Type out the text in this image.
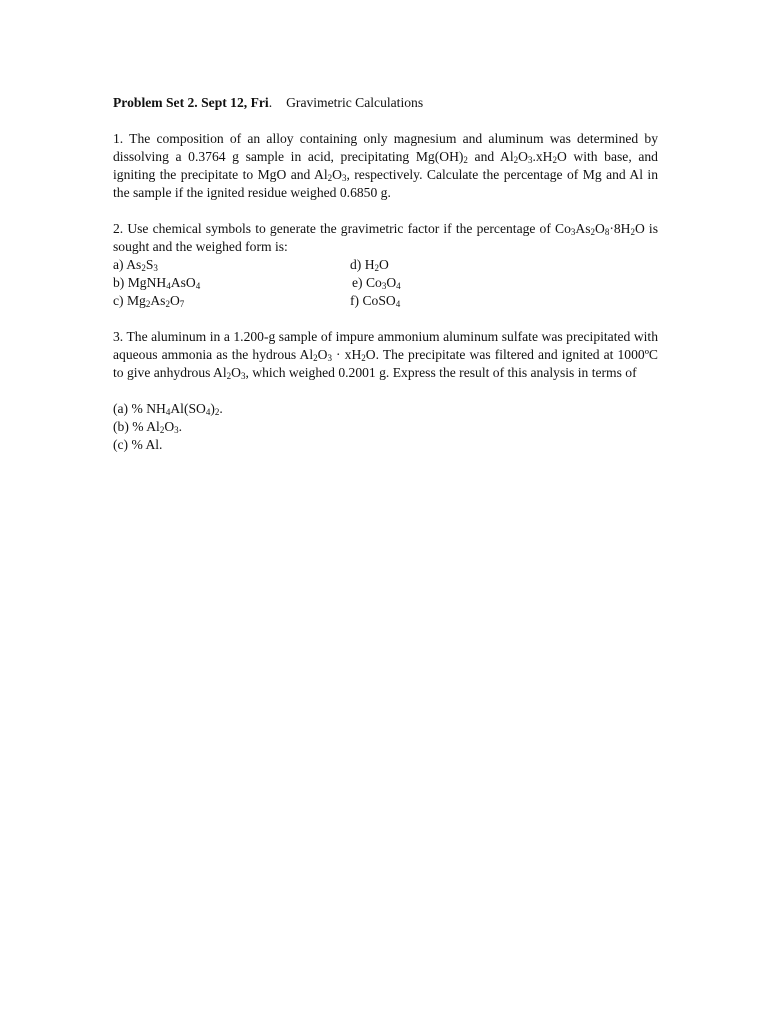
Problem Set 2. Sept 12, Fri. Gravimetric Calculations

1. The composition of an alloy containing only magnesium and aluminum was determined by dissolving a 0.3764 g sample in acid, precipitating $Mg(OH)_2$ and $Al_2O_3.xH_2O$ with base, and igniting the precipitate to MgO and $Al_2O_3$, respectively. Calculate the percentage of Mg and Al in the sample if the ignited residue weighed 0.6850 g.

2. Use chemical symbols to generate the gravimetric factor if the percentage of $Co_3As_2O_8\cdot 8H_2O$ is sought and the weighed form is:

a) $As_2S_3$	d) $H_2O$
b) MgNH$_4$AsO$_4$	e) $Co_3O_4$
c) $Mg_2As_2O_7$	f) CoSO$_4$

3. The aluminum in a 1.200-g sample of impure ammonium aluminum sulfate was precipitated with aqueous ammonia as the hydrous $Al_2O_3 \cdot xH_2O$. The precipitate was filtered and ignited at 1000ºC to give anhydrous $Al_2O_3$, which weighed 0.2001 g. Express the result of this analysis in terms of

(a) % $NH_4Al(SO_4)_2$.
(b) % $Al_2O_3$.
(c) % Al.
